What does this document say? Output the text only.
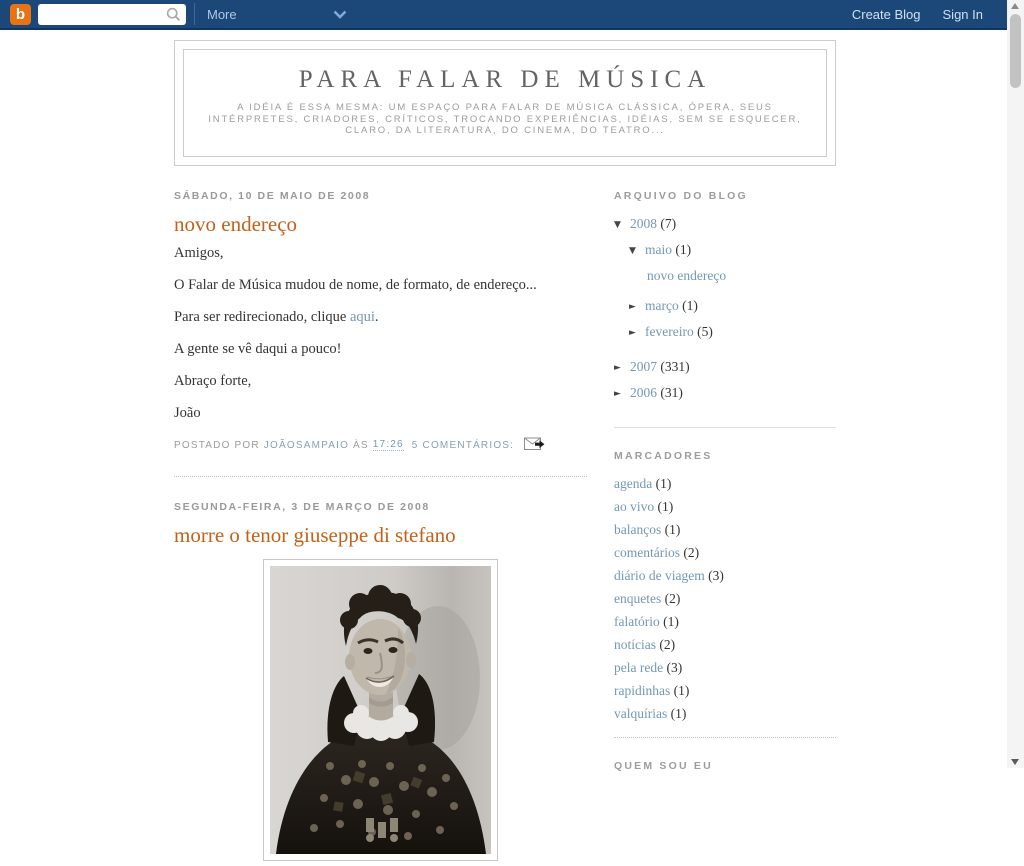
b	More	Create Blog Sign In
PARA FALAR DE MÚSICA

A IDÉIA É ESSA MESMA: UM ESPAÇO PARA FALAR DE MÚSICA CLÁSSICA, ÓPERA, SEUS INTÉRPRETES, CRIADORES, CRÍTICOS, TROCANDO EXPERIÊNCIAS, IDÉIAS, SEM SE ESQUECER, CLARO, DA LITERATURA, DO CINEMA, DO TEATRO...

SÁBADO, 10 DE MAIO DE 2008
novo endereço

Amigos,

O Falar de Música mudou de nome, de formato, de endereço...

Para ser redirecionado, clique aqui.

A gente se vê daqui a pouco!

Abraço forte,

João

POSTADO POR
JOÃOSAMPAIO
ÀS
17:26
5 COMENTÁRIOS:
SEGUNDA-FEIRA, 3 DE MARÇO DE 2008
morre o tenor giuseppe di stefano
ARQUIVO DO BLOG
▼ 2008 (7)
▼ maio (1)
novo endereço
► março (1)
► fevereiro (5)
► 2007 (331)
► 2006 (31)
MARCADORES
agenda (1)
ao vivo (1)
balanços (1)
comentários (2)
diário de viagem (3)
enquetes (2)
falatório (1)
notícias (2)
pela rede (3)
rapidinhas (1)
valquírias (1)
QUEM SOU EU
